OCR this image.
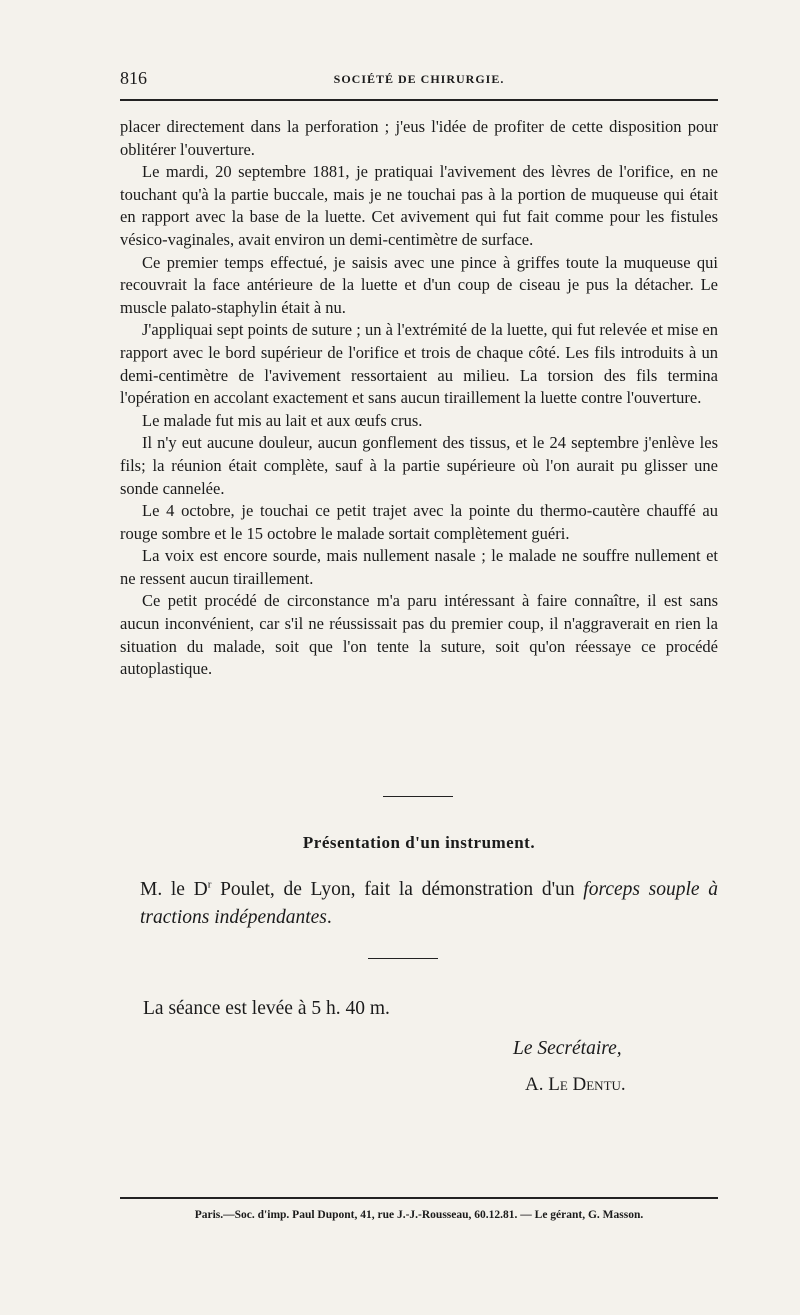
816	SOCIÉTÉ DE CHIRURGIE.

placer directement dans la perforation ; j'eus l'idée de profiter de cette disposition pour oblitérer l'ouverture.

Le mardi, 20 septembre 1881, je pratiquai l'avivement des lèvres de l'orifice, en ne touchant qu'à la partie buccale, mais je ne touchai pas à la portion de muqueuse qui était en rapport avec la base de la luette. Cet avivement qui fut fait comme pour les fistules vésico-vaginales, avait environ un demi-centimètre de surface.

Ce premier temps effectué, je saisis avec une pince à griffes toute la muqueuse qui recouvrait la face antérieure de la luette et d'un coup de ciseau je pus la détacher. Le muscle palato-staphylin était à nu.

J'appliquai sept points de suture ; un à l'extrémité de la luette, qui fut relevée et mise en rapport avec le bord supérieur de l'orifice et trois de chaque côté. Les fils introduits à un demi-centimètre de l'avivement ressortaient au milieu. La torsion des fils termina l'opération en accolant exactement et sans aucun tiraillement la luette contre l'ouverture.

Le malade fut mis au lait et aux œufs crus.

Il n'y eut aucune douleur, aucun gonflement des tissus, et le 24 septembre j'enlève les fils; la réunion était complète, sauf à la partie supérieure où l'on aurait pu glisser une sonde cannelée.

Le 4 octobre, je touchai ce petit trajet avec la pointe du thermo-cautère chauffé au rouge sombre et le 15 octobre le malade sortait complètement guéri.

La voix est encore sourde, mais nullement nasale ; le malade ne souffre nullement et ne ressent aucun tiraillement.

Ce petit procédé de circonstance m'a paru intéressant à faire connaître, il est sans aucun inconvénient, car s'il ne réussissait pas du premier coup, il n'aggraverait en rien la situation du malade, soit que l'on tente la suture, soit qu'on réessaye ce procédé autoplastique.

Présentation d'un instrument.

M. le $D^r$ Poulet, de Lyon, fait la démonstration d'un forceps souple à tractions indépendantes.

La séance est levée à 5 h. 40 m.
Le Secrétaire,
A. Le Dentu.
Paris.—Soc. d'imp. Paul Dupont, 41, rue J.-J.-Rousseau, 60.12.81. — Le gérant, G. Masson.
